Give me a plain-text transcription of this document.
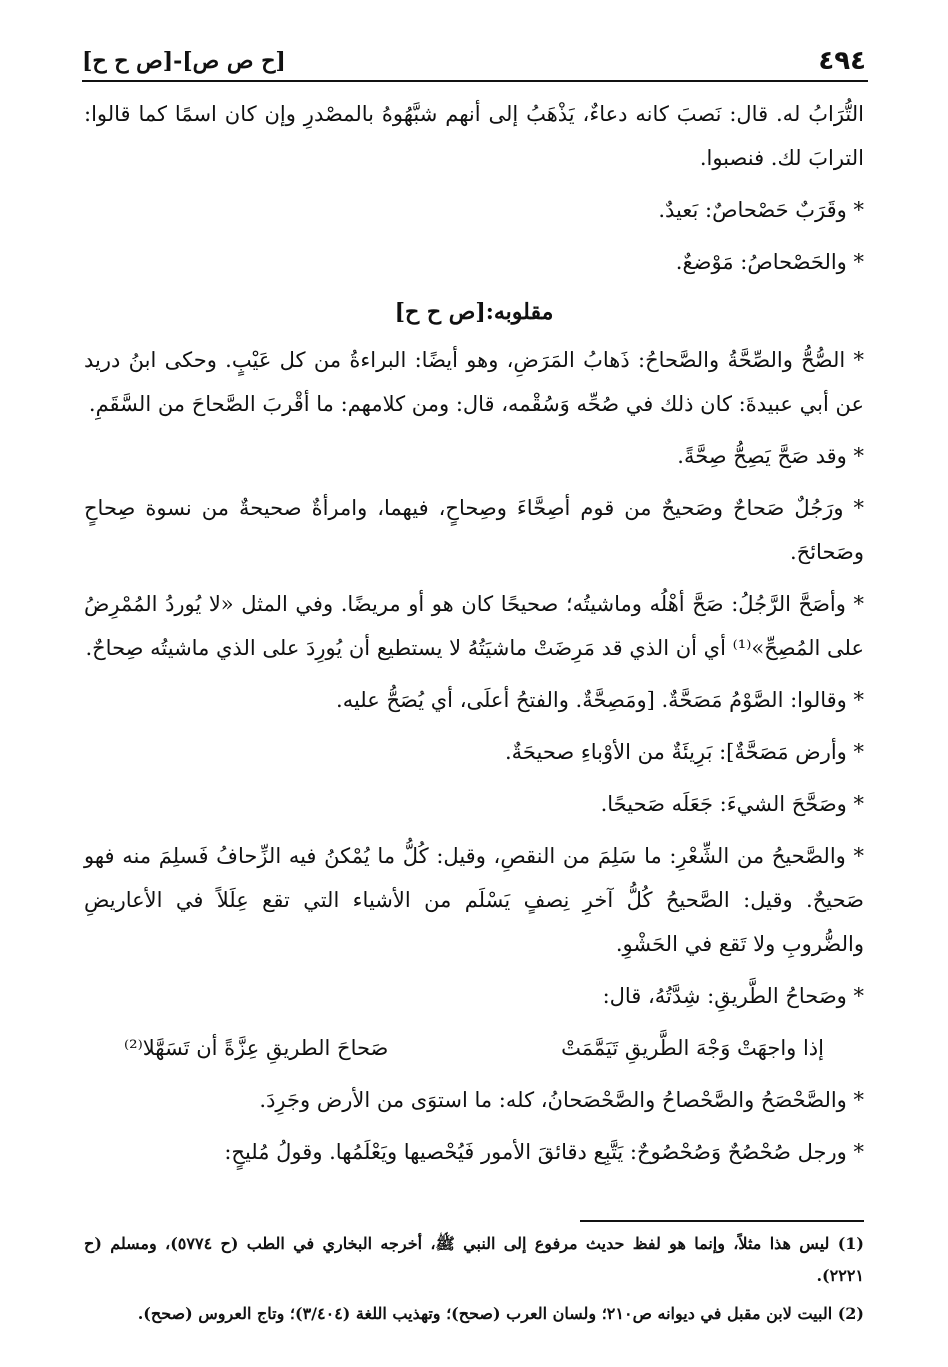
٤٩٤
[ح ص ص]-[ص ح ح]

التُّرَابُ له. قال: نَصبَ كانه دعاءٌ، يَذْهَبُ إلى أنهم شبَّهُوهُ بالمصْدرِ وإن كان اسمًا كما قالوا: الترابَ لك. فنصبوا.

* وقَرَبٌ حَصْحاصٌ: بَعيدٌ.

* والحَصْحاصُ: مَوْضعٌ.

مقلوبه:[ص ح ح]

* الصُّحُّ والصِّحَّةُ والصَّحاحُ: ذَهابُ المَرَضِ، وهو أيضًا: البراءةُ من كل عَيْبٍ. وحكى ابنُ دريد عن أبي عبيدةَ: كان ذلك في صُحِّه وَسُقْمه، قال: ومن كلامهم: ما أقْربَ الصَّحاحَ من السَّقَمِ.

* وقد صَحَّ يَصِحُّ صِحَّةً.

* ورَجُلٌ صَحاحٌ وصَحيحٌ من قوم أصِحَّاءَ وصِحاحٍ، فيهما، وامرأةٌ صحيحةٌ من نسوة صِحاحٍ وصَحائحَ.

* وأصَحَّ الرَّجُلُ: صَحَّ أهْلُه وماشيتُه؛ صحيحًا كان هو أو مريضًا. وفي المثل «لا يُوردُ المُمْرِضُ على المُصِحِّ»⁽¹⁾ أي أن الذي قد مَرِضَتْ ماشيَتُهُ لا يستطيع أن يُورِدَ على الذي ماشيتُه صِحاحٌ.

* وقالوا: الصَّوْمُ مَصَحَّةٌ. [ومَصِحَّةٌ. والفتحُ أعلَى، أي يُصَحُّ عليه.

* وأرض مَصَحَّةٌ]: بَرِيئَةٌ من الأوْباءِ صحيحَةٌ.

* وصَحَّحَ الشيءَ: جَعَلَه صَحيحًا.

* والصَّحيحُ من الشِّعْرِ: ما سَلِمَ من النقصِ، وقيل: كُلُّ ما يُمْكنُ فيه الزِّحافُ فَسلِمَ منه فهو صَحيحٌ. وقيل: الصَّحيحُ كُلُّ آخرِ نِصفٍ يَسْلَم من الأشياء التي تقع عِلَلاً في الأعاريضِ والضُّروبِ ولا تَقع في الحَشْوِ.

* وصَحاحُ الطَّريقِ: شِدَّتُهُ، قال:

إذا واجهَتْ وَجْهَ الطَّريقِ تَيَمَّمَتْ
صَحاحَ الطريقِ عِزَّةً أن تَسَهَّلا⁽²⁾

* والصَّحْصَحُ والصَّحْصاحُ والصَّحْصَحانُ، كله: ما استوَى من الأرض وجَرِدَ.

* ورجل صُحْصُحٌ وَصُحْصُوحٌ: يَتَّبِع دقائقَ الأمور فَيُحْصيها ويَعْلَمُها. وقولُ مُليحٍ:

(1) ليس هذا مثلاً، وإنما هو لفظ حديث مرفوع إلى النبي ﷺ، أخرجه البخاري في الطب (ح ٥٧٧٤)، ومسلم (ح ٢٢٢١).

(2) البيت لابن مقبل في ديوانه ص٢١٠؛ ولسان العرب (صحح)؛ وتهذيب اللغة (٣/٤٠٤)؛ وتاج العروس (صحح).
